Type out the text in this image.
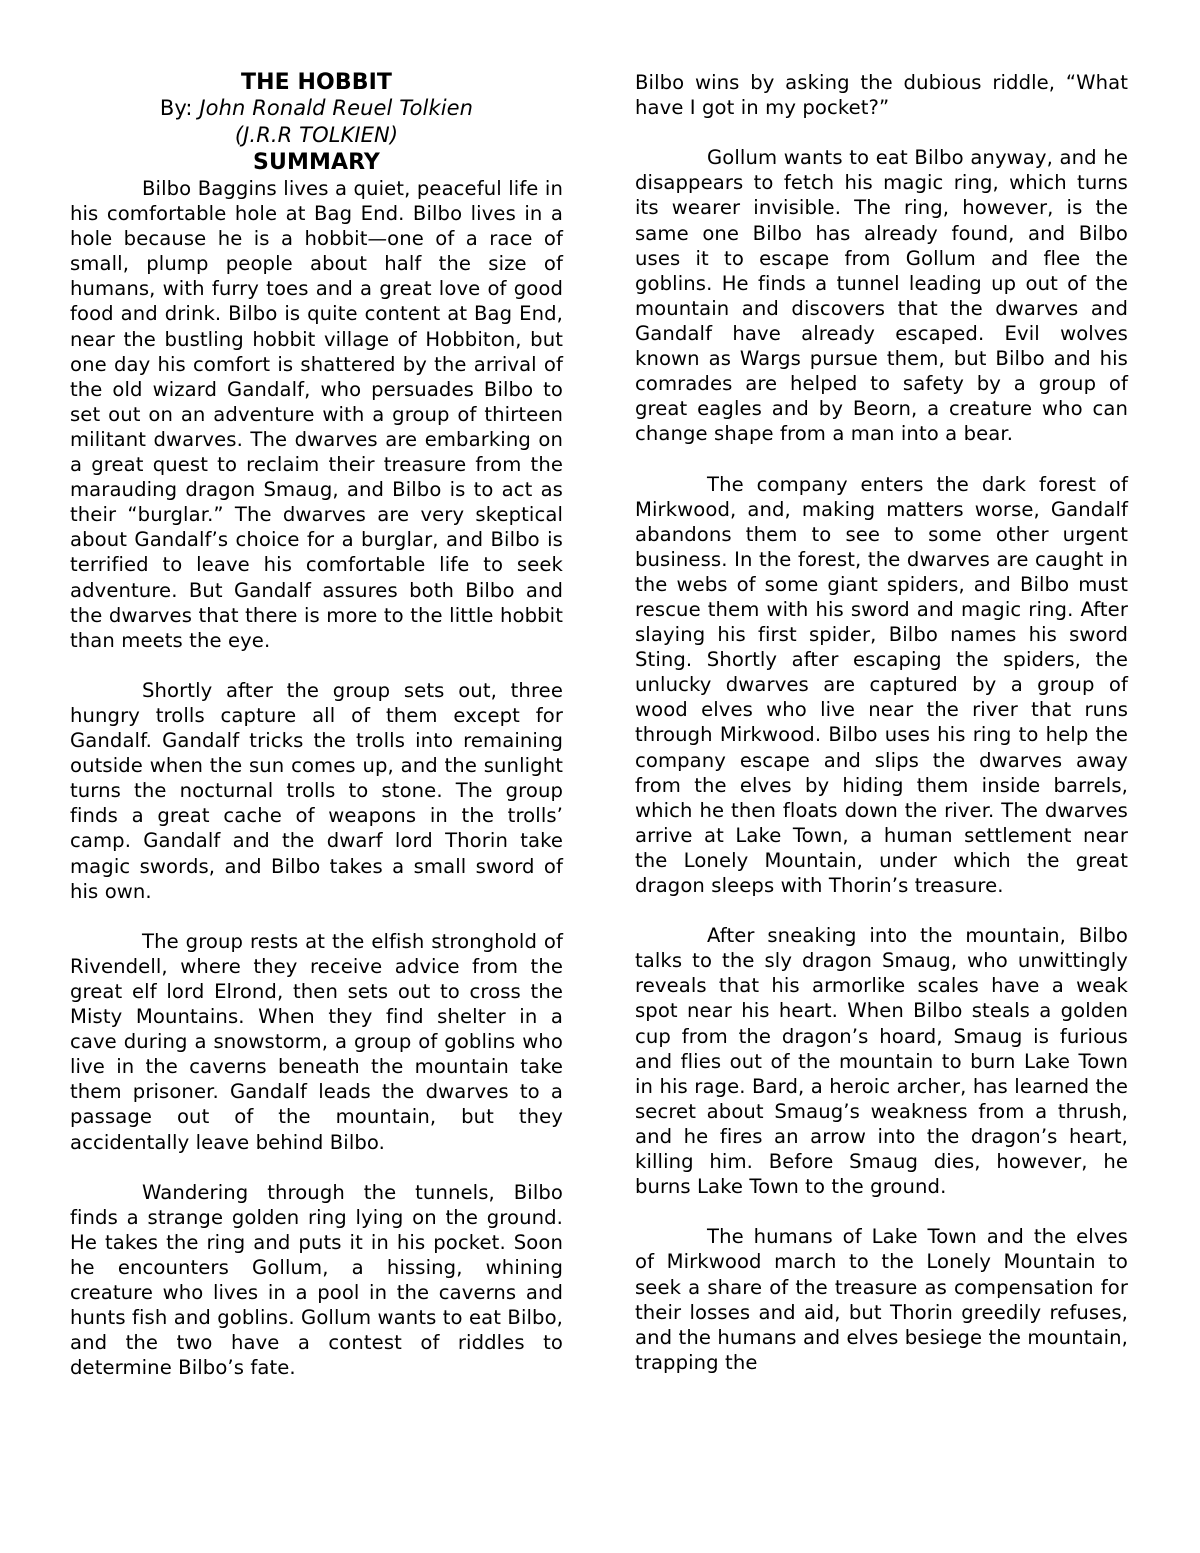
THE HOBBIT
By: John Ronald Reuel Tolkien
(J.R.R TOLKIEN)
SUMMARY

Bilbo Baggins lives a quiet, peaceful life in his comfortable hole at Bag End. Bilbo lives in a hole because he is a hobbit—one of a race of small, plump people about half the size of humans, with furry toes and a great love of good food and drink. Bilbo is quite content at Bag End, near the bustling hobbit village of Hobbiton, but one day his comfort is shattered by the arrival of the old wizard Gandalf, who persuades Bilbo to set out on an adventure with a group of thirteen militant dwarves. The dwarves are embarking on a great quest to reclaim their treasure from the marauding dragon Smaug, and Bilbo is to act as their “burglar.” The dwarves are very skeptical about Gandalf’s choice for a burglar, and Bilbo is terrified to leave his comfortable life to seek adventure. But Gandalf assures both Bilbo and the dwarves that there is more to the little hobbit than meets the eye.

Shortly after the group sets out, three hungry trolls capture all of them except for Gandalf. Gandalf tricks the trolls into remaining outside when the sun comes up, and the sunlight turns the nocturnal trolls to stone. The group finds a great cache of weapons in the trolls’ camp. Gandalf and the dwarf lord Thorin take magic swords, and Bilbo takes a small sword of his own.

The group rests at the elfish stronghold of Rivendell, where they receive advice from the great elf lord Elrond, then sets out to cross the Misty Mountains. When they find shelter in a cave during a snowstorm, a group of goblins who live in the caverns beneath the mountain take them prisoner. Gandalf leads the dwarves to a passage out of the mountain, but they accidentally leave behind Bilbo.

Wandering through the tunnels, Bilbo finds a strange golden ring lying on the ground. He takes the ring and puts it in his pocket. Soon he encounters Gollum, a hissing, whining creature who lives in a pool in the caverns and hunts fish and goblins. Gollum wants to eat Bilbo, and the two have a contest of riddles to determine Bilbo’s fate.

Bilbo wins by asking the dubious riddle, “What have I got in my pocket?”

Gollum wants to eat Bilbo anyway, and he disappears to fetch his magic ring, which turns its wearer invisible. The ring, however, is the same one Bilbo has already found, and Bilbo uses it to escape from Gollum and flee the goblins. He finds a tunnel leading up out of the mountain and discovers that the dwarves and Gandalf have already escaped. Evil wolves known as Wargs pursue them, but Bilbo and his comrades are helped to safety by a group of great eagles and by Beorn, a creature who can change shape from a man into a bear.

The company enters the dark forest of Mirkwood, and, making matters worse, Gandalf abandons them to see to some other urgent business. In the forest, the dwarves are caught in the webs of some giant spiders, and Bilbo must rescue them with his sword and magic ring. After slaying his first spider, Bilbo names his sword Sting. Shortly after escaping the spiders, the unlucky dwarves are captured by a group of wood elves who live near the river that runs through Mirkwood. Bilbo uses his ring to help the company escape and slips the dwarves away from the elves by hiding them inside barrels, which he then floats down the river. The dwarves arrive at Lake Town, a human settlement near the Lonely Mountain, under which the great dragon sleeps with Thorin’s treasure.

After sneaking into the mountain, Bilbo talks to the sly dragon Smaug, who unwittingly reveals that his armorlike scales have a weak spot near his heart. When Bilbo steals a golden cup from the dragon’s hoard, Smaug is furious and flies out of the mountain to burn Lake Town in his rage. Bard, a heroic archer, has learned the secret about Smaug’s weakness from a thrush, and he fires an arrow into the dragon’s heart, killing him. Before Smaug dies, however, he burns Lake Town to the ground.

The humans of Lake Town and the elves of Mirkwood march to the Lonely Mountain to seek a share of the treasure as compensation for their losses and aid, but Thorin greedily refuses, and the humans and elves besiege the mountain, trapping the
